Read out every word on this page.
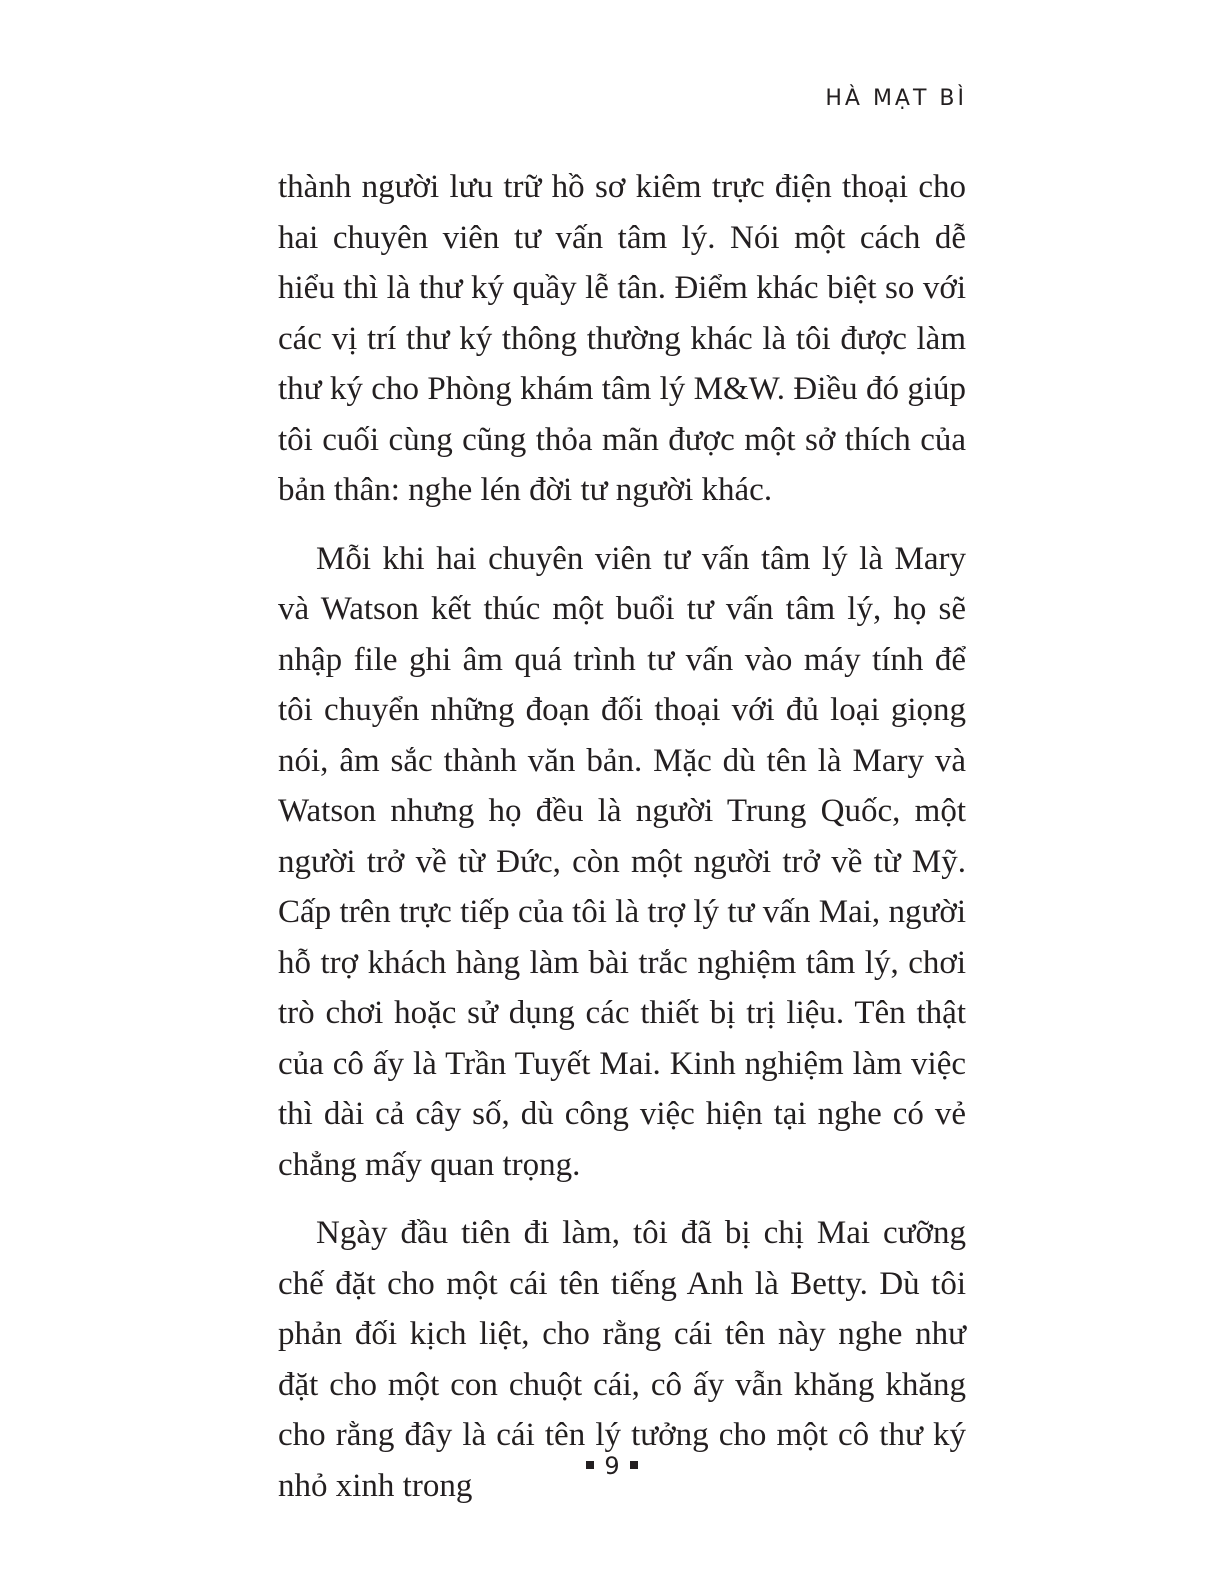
HÀ MẠT BÌ

thành người lưu trữ hồ sơ kiêm trực điện thoại cho hai chuyên viên tư vấn tâm lý. Nói một cách dễ hiểu thì là thư ký quầy lễ tân. Điểm khác biệt so với các vị trí thư ký thông thường khác là tôi được làm thư ký cho Phòng khám tâm lý M&W. Điều đó giúp tôi cuối cùng cũng thỏa mãn được một sở thích của bản thân: nghe lén đời tư người khác.

Mỗi khi hai chuyên viên tư vấn tâm lý là Mary và Watson kết thúc một buổi tư vấn tâm lý, họ sẽ nhập file ghi âm quá trình tư vấn vào máy tính để tôi chuyển những đoạn đối thoại với đủ loại giọng nói, âm sắc thành văn bản. Mặc dù tên là Mary và Watson nhưng họ đều là người Trung Quốc, một người trở về từ Đức, còn một người trở về từ Mỹ. Cấp trên trực tiếp của tôi là trợ lý tư vấn Mai, người hỗ trợ khách hàng làm bài trắc nghiệm tâm lý, chơi trò chơi hoặc sử dụng các thiết bị trị liệu. Tên thật của cô ấy là Trần Tuyết Mai. Kinh nghiệm làm việc thì dài cả cây số, dù công việc hiện tại nghe có vẻ chẳng mấy quan trọng.

Ngày đầu tiên đi làm, tôi đã bị chị Mai cưỡng chế đặt cho một cái tên tiếng Anh là Betty. Dù tôi phản đối kịch liệt, cho rằng cái tên này nghe như đặt cho một con chuột cái, cô ấy vẫn khăng khăng cho rằng đây là cái tên lý tưởng cho một cô thư ký nhỏ xinh trong

9
